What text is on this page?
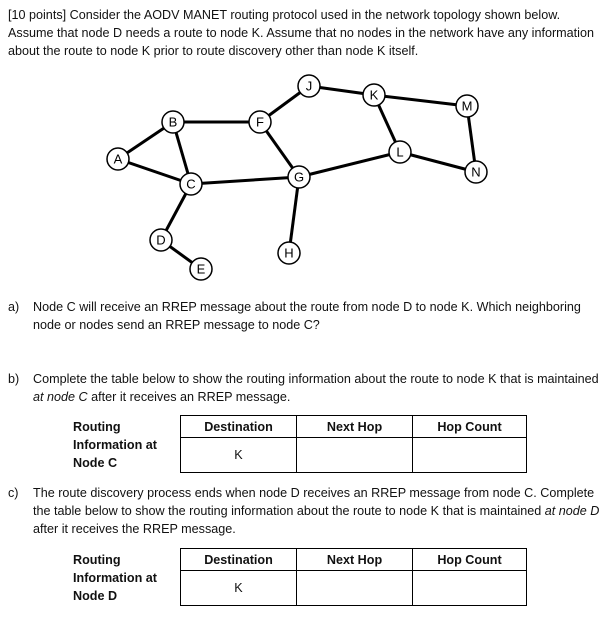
[10 points] Consider the AODV MANET routing protocol used in the network topology shown below. Assume that node D needs a route to node K. Assume that no nodes in the network have any information about the route to node K prior to route discovery other than node K itself.
A
B
C
D
E
F
G
H
J
K
L
M
N
a) Node C will receive an RREP message about the route from node D to node K. Which neighboring node or nodes send an RREP message to node C?
b) Complete the table below to show the routing information about the route to node K that is maintained at node C after it receives an RREP message.
Routing Information at Node C
Destination	Next Hop	Hop Count
K		
c) The route discovery process ends when node D receives an RREP message from node C. Complete the table below to show the routing information about the route to node K that is maintained at node D after it receives the RREP message.
Routing Information at Node D
Destination	Next Hop	Hop Count
K		
